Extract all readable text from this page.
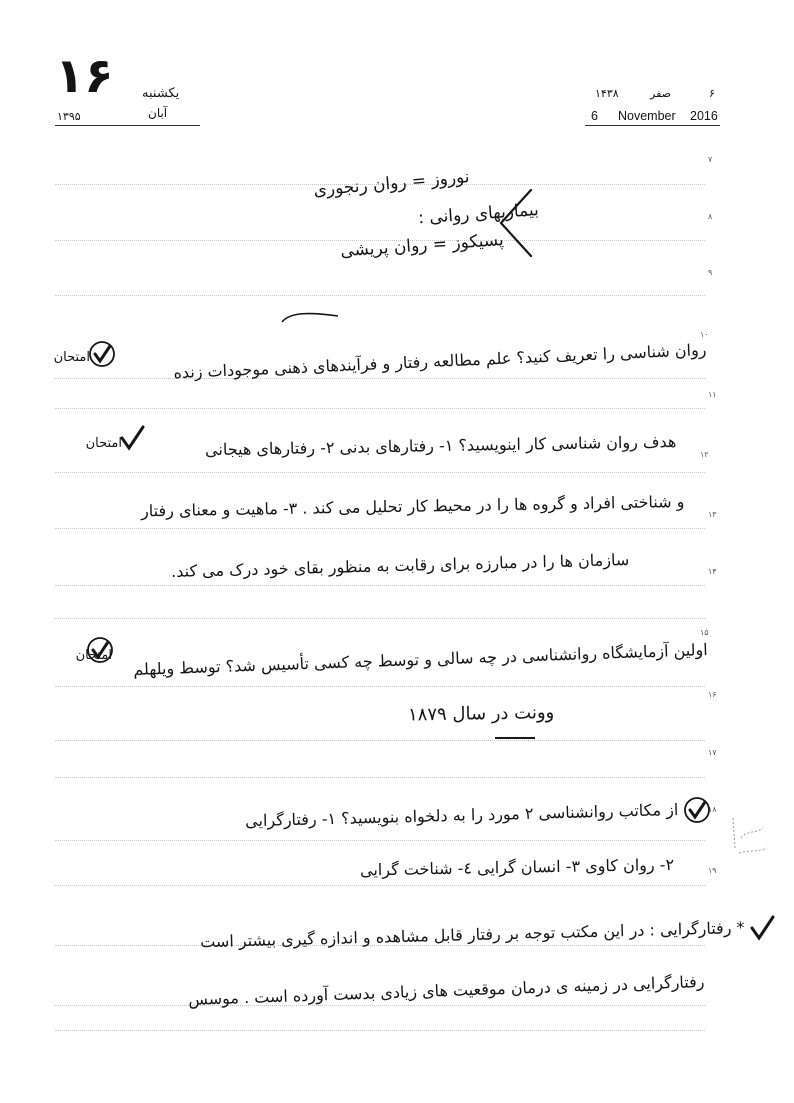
۱۶ یکشنبه
آبان
۱۳۹۵
۶
صفر
۱۴۳۸
6 November 2016
۷
۸
۹
۱۰
۱۱
۱۲
۱۳
۱۴
۱۵
۱۶
۱۷
۱۸
۱۹
بیماریهای روانی :
نوروز = روان رنجوری
پسیکوز = روان پریشی
امتحان	روان شناسی را تعریف کنید؟ علم مطالعه رفتار و فرآیندهای ذهنی موجودات زنده
امتحان	هدف روان شناسی کار اینویسید؟ ۱- رفتارهای بدنی ۲- رفتارهای هیجانی
و شناختی افراد و گروه ها را در محیط کار تحلیل می کند . ۳- ماهیت و معنای رفتار
سازمان ها را در مبارزه برای رقابت به منظور بقای خود درک می کند.
امتحان اولین آزمایشگاه روانشناسی در چه سالی و توسط چه کسی تأسیس شد؟ توسط ویلهلم
وونت در سال ۱۸۷۹
از مکاتب روانشناسی ۲ مورد را به دلخواه بنویسید؟ ۱- رفتارگرایی
۲- روان کاوی ۳- انسان گرایی ٤- شناخت گرایی
* رفتارگرایی : در این مکتب توجه بر رفتار قابل مشاهده و اندازه گیری بیشتر است
رفتارگرایی در زمینه ی درمان موقعیت های زیادی بدست آورده است . موسس
